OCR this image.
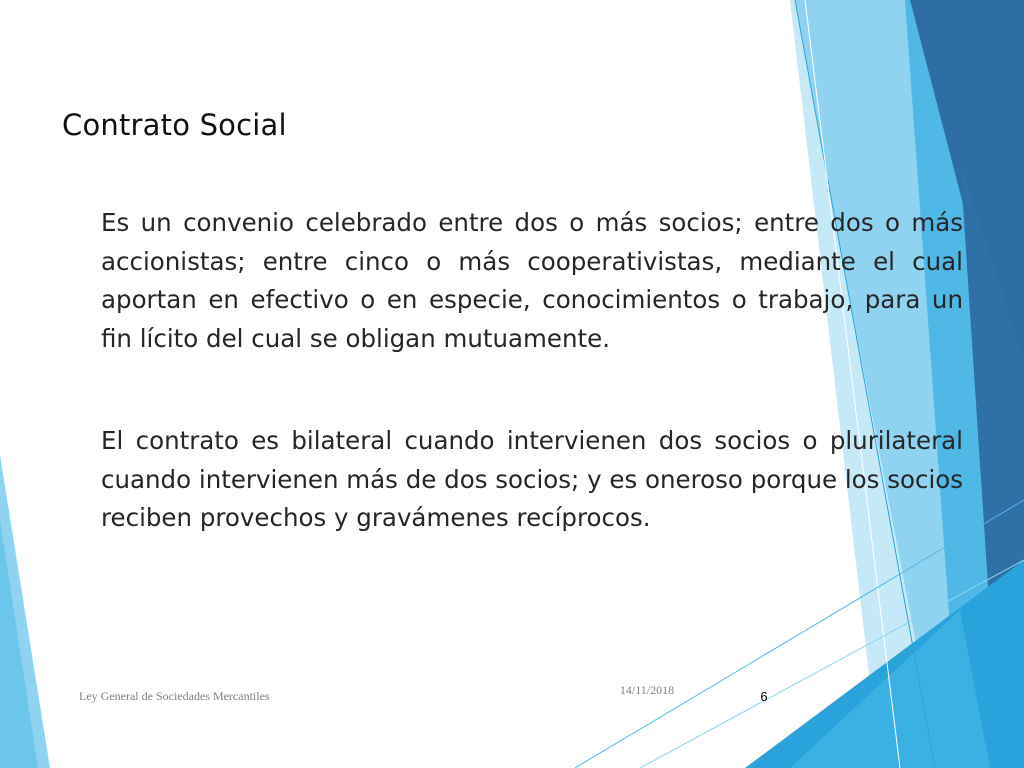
Contrato Social

Es un convenio celebrado entre dos o más socios; entre dos o más accionistas; entre cinco o más cooperativistas, mediante el cual aportan en efectivo o en especie, conocimientos o trabajo, para un fin lícito del cual se obligan mutuamente.

El contrato es bilateral cuando intervienen dos socios o plurilateral cuando intervienen más de dos socios; y es oneroso porque los socios reciben provechos y gravámenes recíprocos.

Ley General de Sociedades Mercantiles	14/11/2018	6
